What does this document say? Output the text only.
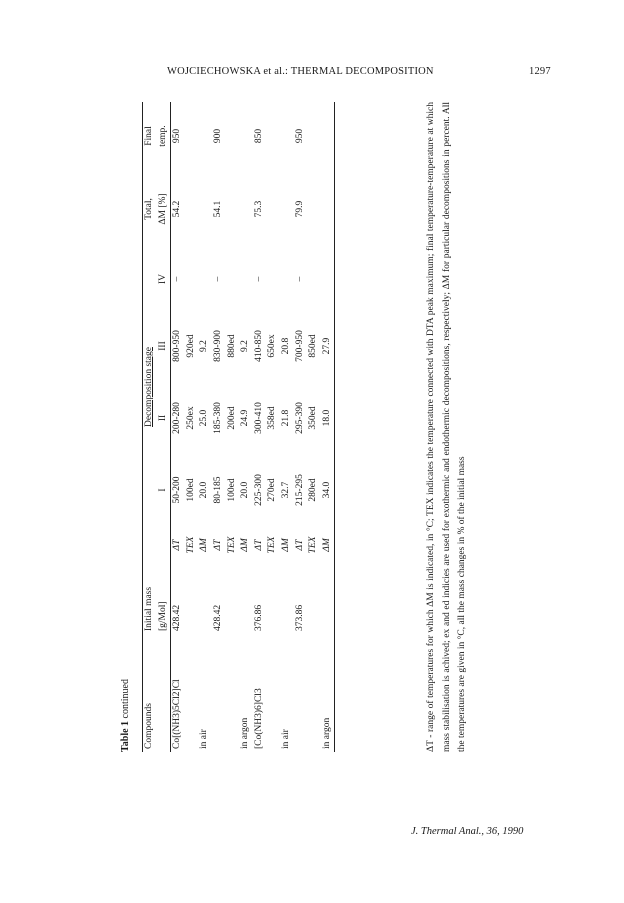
WOJCIECHOWSKA et al.: THERMAL DECOMPOSITION	1297
Table 1 continued
Compounds	Initial mass		Decomposition stage				Total,	Final
	[g/Mol]		I	II	III	IV	ΔM [%]	temp.
Co[(NH3)5Cl2]Cl	428.42	ΔT	50-200	200-280	800-950	–	54.2	950
		TEX	100ed	250ex	920ed			
in air		ΔM	20.0	25.0	9.2			
	428.42	ΔT	80-185	185-380	830-900	–	54.1	900
		TEX	100ed	200ed	880ed			
in argon		ΔM	20.0	24.9	9.2			
[Co(NH3)6]Cl3	376.86	ΔT	225-300	300-410	410-850	–	75.3	850
		TEX	270ed	358ed	650ex			
in air		ΔM	32.7	21.8	20.8			
	373.86	ΔT	215-295	295-390	700-950	–	79.9	950
		TEX	280ed	350ed	850ed			
in argon		ΔM	34.0	18.0	27.9				ΔT - range of temperatures for which ΔM is indicated, in °C; TEX indicates the temperature connected with DTA peak maximum; final temperature-temperature at which mass stabilisation is achived; ex and ed indicies are used for exothermic and endothermic decompositions, respectively; ΔM for particular decompositions in percent. All the temperatures are given in °C, all the mass changes in % of the initial mass
J. Thermal Anal., 36, 1990
